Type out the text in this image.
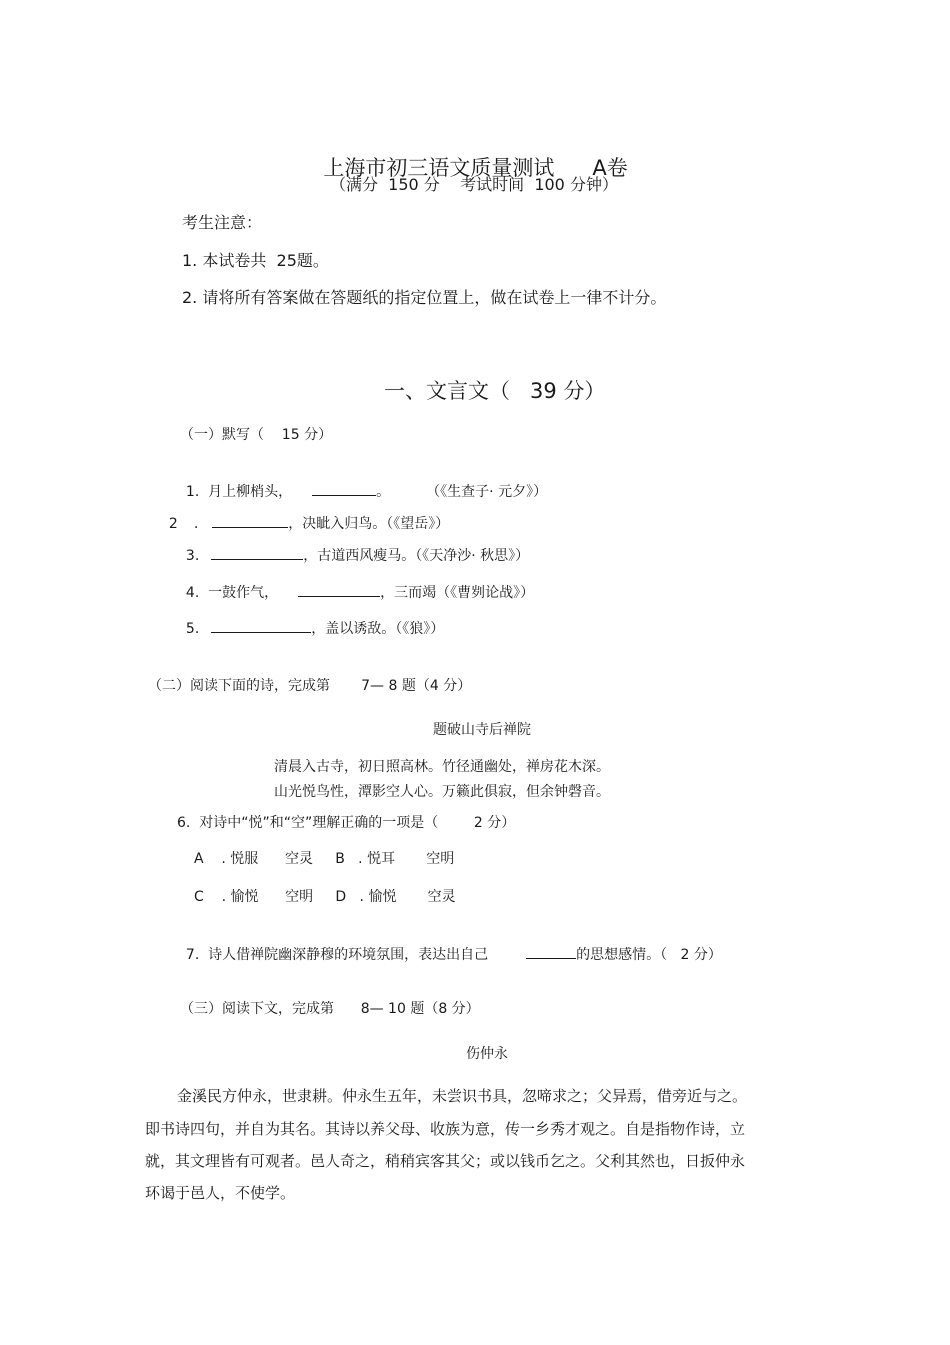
上海市初三语文质量测试 A卷

（满分  150 分    考试时间  100 分钟）
考生注意：
1. 本试卷共  25题。
2. 请将所有答案做在答题纸的指定位置上，做在试卷上一律不计分。
一、文言文（   39 分）
（一）默写（    15 分）

1. 月上柳梢头，	。	（《生查子· 元夕》）

2 .	，决眦入归鸟。（《望岳》）

3.	，古道西风瘦马。（《天净沙· 秋思》）

4. 一鼓作气，	，三而竭（《曹刿论战》）

5.	，盖以诱敌。（《狼》）

（二）阅读下面的诗，完成第       7— 8 题（4 分）
题破山寺后禅院
清晨入古寺，初日照高林。竹径通幽处，禅房花木深。
山光悦鸟性，潭影空人心。万籁此俱寂，但余钟磬音。
6.  对诗中“悦”和“空”理解正确的一项是（        2 分）
A    . 悦服      空灵     B   . 悦耳       空明
C    . 愉悦      空明     D   . 愉悦       空灵

7.  诗人借禅院幽深静穆的环境氛围，表达出自己	的思想感情。（   2 分）

（三）阅读下文，完成第      8— 10 题（8 分）
伤仲永
金溪民方仲永，世隶耕。仲永生五年，未尝识书具，忽啼求之；父异焉，借旁近与之。
即书诗四句，并自为其名。其诗以养父母、收族为意，传一乡秀才观之。自是指物作诗，立
就，其文理皆有可观者。邑人奇之，稍稍宾客其父；或以钱币乞之。父利其然也，日扳仲永
环谒于邑人，不使学。
